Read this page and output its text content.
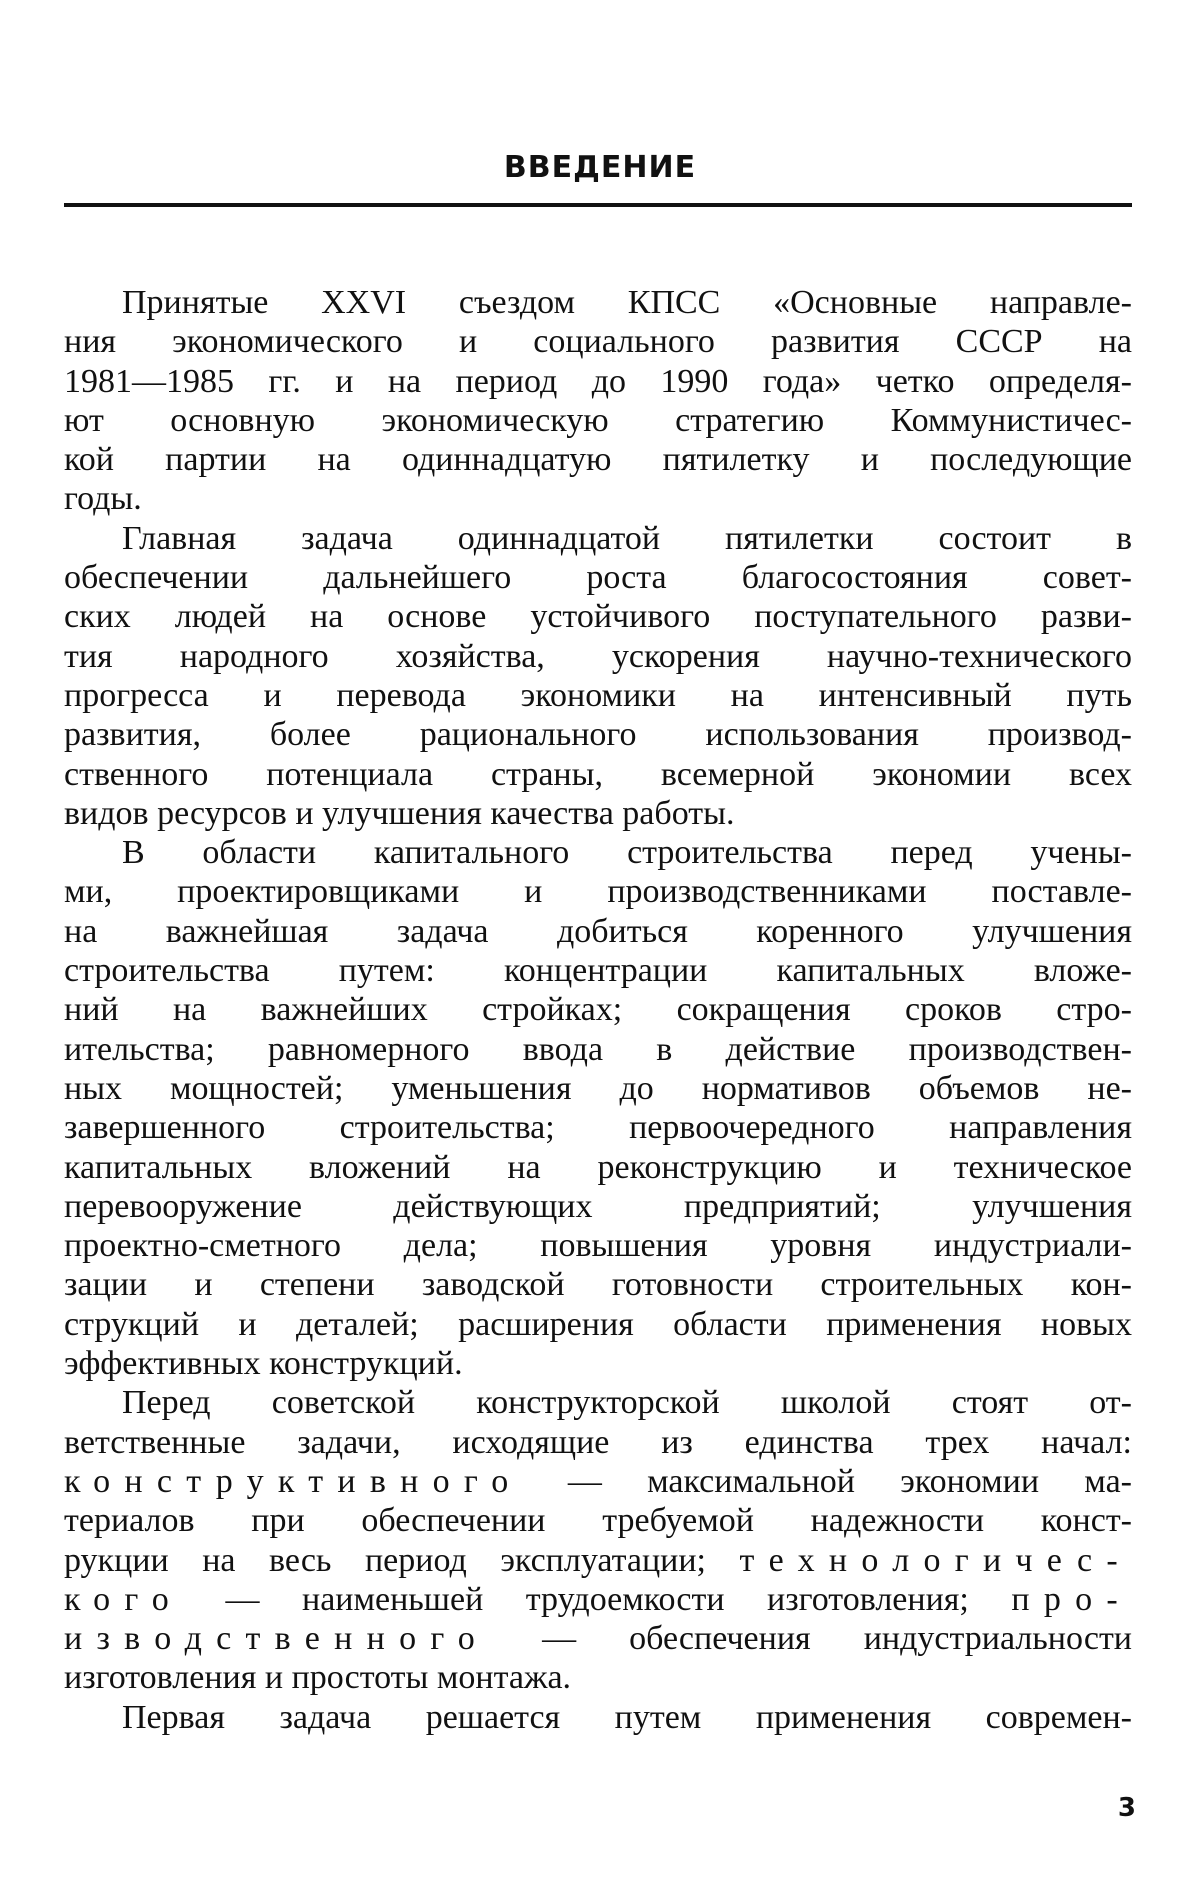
ВВЕДЕНИЕ
Принятые XXVI съездом КПСС «Основные направле-
ния экономического и социального развития СССР на
1981—1985 гг. и на период до 1990 года» четко определя-
ют основную экономическую стратегию Коммунистичес-
кой партии на одиннадцатую пятилетку и последующие
годы.
Главная задача одиннадцатой пятилетки состоит в
обеспечении дальнейшего роста благосостояния совет-
ских людей на основе устойчивого поступательного разви-
тия народного хозяйства, ускорения научно-технического
прогресса и перевода экономики на интенсивный путь
развития, более рационального использования производ-
ственного потенциала страны, всемерной экономии всех
видов ресурсов и улучшения качества работы.
В области капитального строительства перед учены-
ми, проектировщиками и производственниками поставле-
на важнейшая задача добиться коренного улучшения
строительства путем: концентрации капитальных вложе-
ний на важнейших стройках; сокращения сроков стро-
ительства; равномерного ввода в действие производствен-
ных мощностей; уменьшения до нормативов объемов не-
завершенного строительства; первоочередного направления
капитальных вложений на реконструкцию и техническое
перевооружение действующих предприятий; улучшения
проектно-сметного дела; повышения уровня индустриали-
зации и степени заводской готовности строительных кон-
струкций и деталей; расширения области применения новых
эффективных конструкций.
Перед советской конструкторской школой стоят от-
ветственные задачи, исходящие из единства трех начал:
конструктивного — максимальной экономии ма-
териалов при обеспечении требуемой надежности конст-
рукции на весь период эксплуатации; технологичес-
кого — наименьшей трудоемкости изготовления; про-
изводственного — обеспечения индустриальности
изготовления и простоты монтажа.
Первая задача решается путем применения современ-
3
